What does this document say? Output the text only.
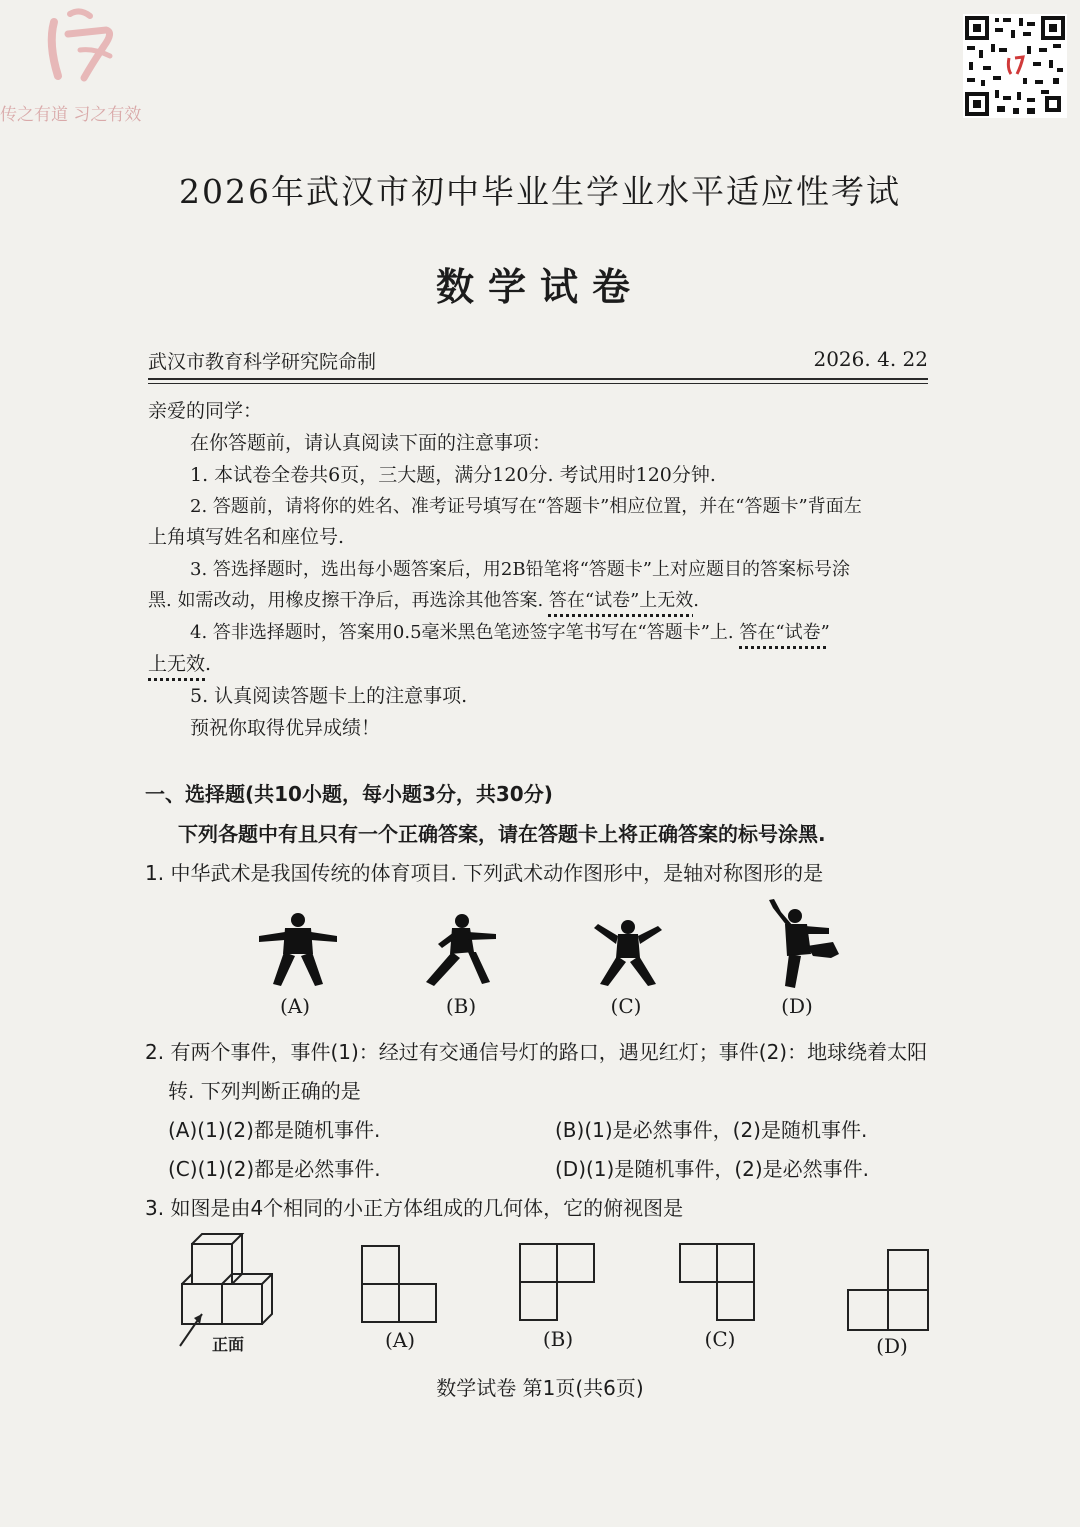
传之有道 习之有效
2026年武汉市初中毕业生学业水平适应性考试
数学试卷
武汉市教育科学研究院命制	2026. 4. 22
亲爱的同学：
在你答题前，请认真阅读下面的注意事项：
1. 本试卷全卷共6页，三大题，满分120分. 考试用时120分钟.
2. 答题前，请将你的姓名、准考证号填写在“答题卡”相应位置，并在“答题卡”背面左
上角填写姓名和座位号.
3. 答选择题时，选出每小题答案后，用2B铅笔将“答题卡”上对应题目的答案标号涂
黑. 如需改动，用橡皮擦干净后，再选涂其他答案. 答在“试卷”上无效.
4. 答非选择题时，答案用0.5毫米黑色笔迹签字笔书写在“答题卡”上. 答在“试卷”
上无效.
5. 认真阅读答题卡上的注意事项.
预祝你取得优异成绩！
一、选择题(共10小题，每小题3分，共30分)
下列各题中有且只有一个正确答案，请在答题卡上将正确答案的标号涂黑.
1. 中华武术是我国传统的体育项目. 下列武术动作图形中，是轴对称图形的是
(A)	(B)	(C)	(D)
2. 有两个事件，事件(1)：经过有交通信号灯的路口，遇见红灯；事件(2)：地球绕着太阳
转. 下列判断正确的是
(A)(1)(2)都是随机事件.	(B)(1)是必然事件，(2)是随机事件.
(C)(1)(2)都是必然事件.	(D)(1)是随机事件，(2)是必然事件.
3. 如图是由4个相同的小正方体组成的几何体，它的俯视图是
正面	(A)	(B)	(C)	(D)
数学试卷 第1页(共6页)
